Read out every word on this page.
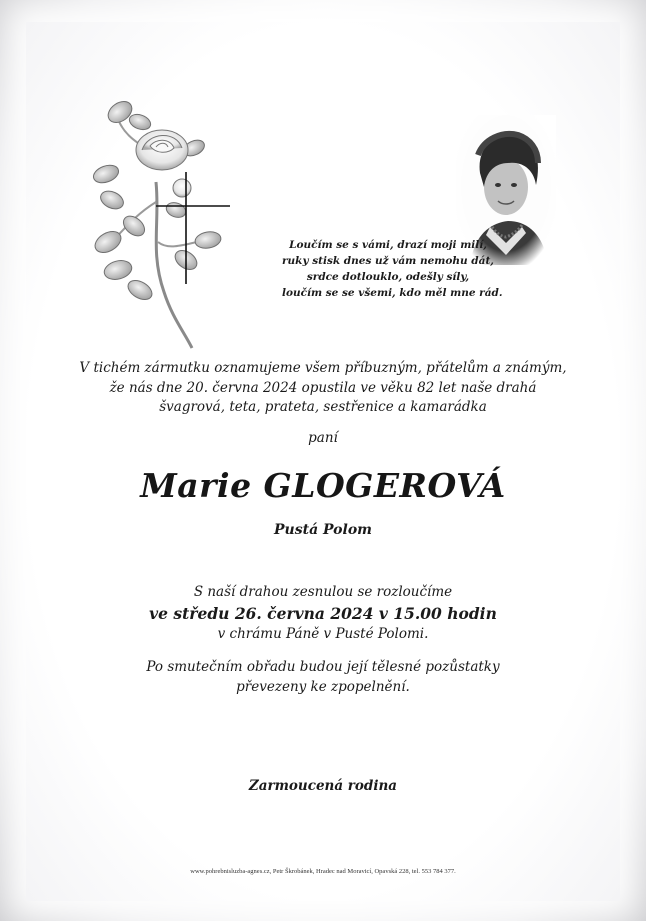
Loučím se s vámi, drazí moji milí,
ruky stisk dnes už vám nemohu dát,
srdce dotlouklo, odešly síly,
loučím se se všemi, kdo měl mne rád.
V tichém zármutku oznamujeme všem příbuzným, přátelům a známým,
že nás dne 20. června 2024 opustila ve věku 82 let naše drahá
švagrová, teta, prateta, sestřenice a kamarádka
paní
Marie GLOGEROVÁ
Pustá Polom
S naší drahou zesnulou se rozloučíme
ve středu 26. června 2024 v 15.00 hodin
v chrámu Páně v Pusté Polomi.
Po smutečním obřadu budou její tělesné pozůstatky
převezeny ke zpopelnění.
Zarmoucená rodina
www.pohrebnisluzba-agnes.cz, Petr Škrobánek, Hradec nad Moravicí, Opavská 228, tel. 553 784 377.
